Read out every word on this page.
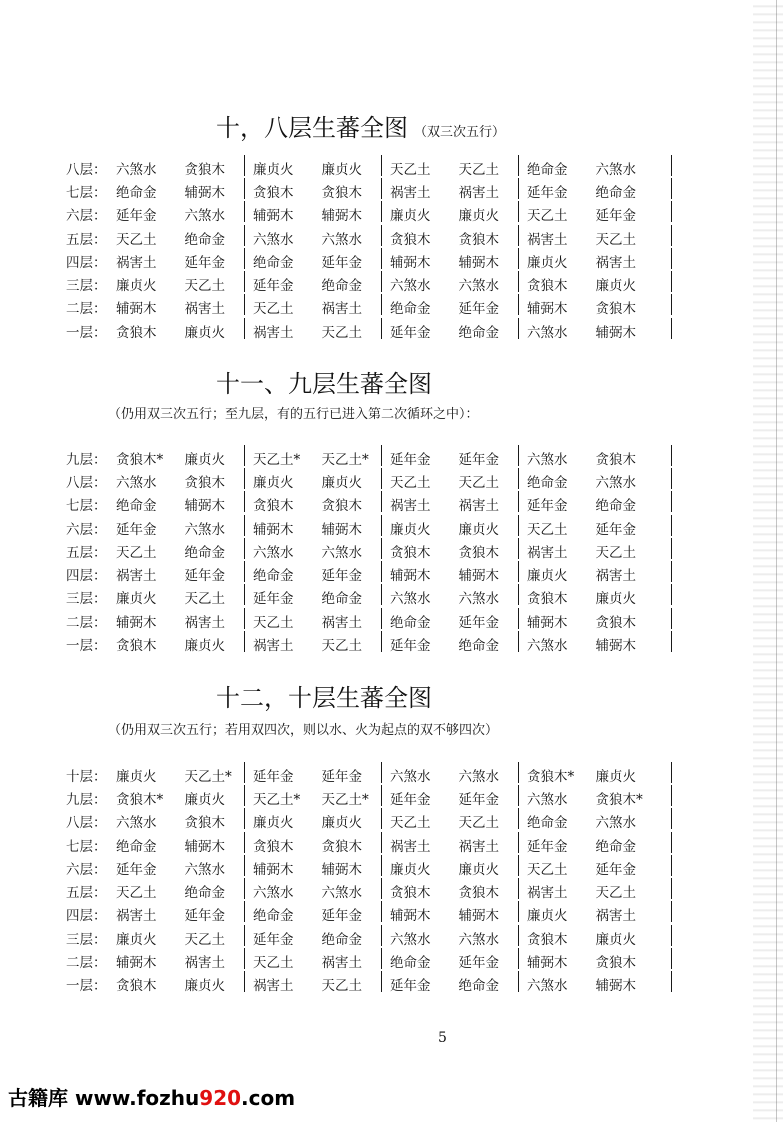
十，八层生蕃全图 （双三次五行）
八层： 六煞水	贪狼木	廉贞火	廉贞火	天乙土	天乙土	绝命金	六煞水
七层： 绝命金	辅弼木	贪狼木	贪狼木	祸害土	祸害土	延年金	绝命金
六层： 延年金	六煞水	辅弼木	辅弼木	廉贞火	廉贞火	天乙土	延年金
五层： 天乙土	绝命金	六煞水	六煞水	贪狼木	贪狼木	祸害土	天乙土
四层： 祸害土	延年金	绝命金	延年金	辅弼木	辅弼木	廉贞火	祸害土
三层： 廉贞火	天乙土	延年金	绝命金	六煞水	六煞水	贪狼木	廉贞火
二层： 辅弼木	祸害土	天乙土	祸害土	绝命金	延年金	辅弼木	贪狼木
一层： 贪狼木	廉贞火	祸害土	天乙土	延年金	绝命金	六煞水	辅弼木
十一、九层生蕃全图
（仍用双三次五行；至九层，有的五行已进入第二次循环之中）：
九层： 贪狼木*	廉贞火	天乙土*	天乙土*	延年金	延年金	六煞水	贪狼木
八层： 六煞水	贪狼木	廉贞火	廉贞火	天乙土	天乙土	绝命金	六煞水
七层： 绝命金	辅弼木	贪狼木	贪狼木	祸害土	祸害土	延年金	绝命金
六层： 延年金	六煞水	辅弼木	辅弼木	廉贞火	廉贞火	天乙土	延年金
五层： 天乙土	绝命金	六煞水	六煞水	贪狼木	贪狼木	祸害土	天乙土
四层： 祸害土	延年金	绝命金	延年金	辅弼木	辅弼木	廉贞火	祸害土
三层： 廉贞火	天乙土	延年金	绝命金	六煞水	六煞水	贪狼木	廉贞火
二层： 辅弼木	祸害土	天乙土	祸害土	绝命金	延年金	辅弼木	贪狼木
一层： 贪狼木	廉贞火	祸害土	天乙土	延年金	绝命金	六煞水	辅弼木
十二，十层生蕃全图
（仍用双三次五行；若用双四次，则以水、火为起点的双不够四次）
十层： 廉贞火	天乙土*	延年金	延年金	六煞水	六煞水	贪狼木*	廉贞火
九层： 贪狼木*	廉贞火	天乙土*	天乙土*	延年金	延年金	六煞水	贪狼木*
八层： 六煞水	贪狼木	廉贞火	廉贞火	天乙土	天乙土	绝命金	六煞水
七层： 绝命金	辅弼木	贪狼木	贪狼木	祸害土	祸害土	延年金	绝命金
六层： 延年金	六煞水	辅弼木	辅弼木	廉贞火	廉贞火	天乙土	延年金
五层： 天乙土	绝命金	六煞水	六煞水	贪狼木	贪狼木	祸害土	天乙土
四层： 祸害土	延年金	绝命金	延年金	辅弼木	辅弼木	廉贞火	祸害土
三层： 廉贞火	天乙土	延年金	绝命金	六煞水	六煞水	贪狼木	廉贞火
二层： 辅弼木	祸害土	天乙土	祸害土	绝命金	延年金	辅弼木	贪狼木
一层： 贪狼木	廉贞火	祸害土	天乙土	延年金	绝命金	六煞水	辅弼木
5
古籍库 www.fozhu920.com
